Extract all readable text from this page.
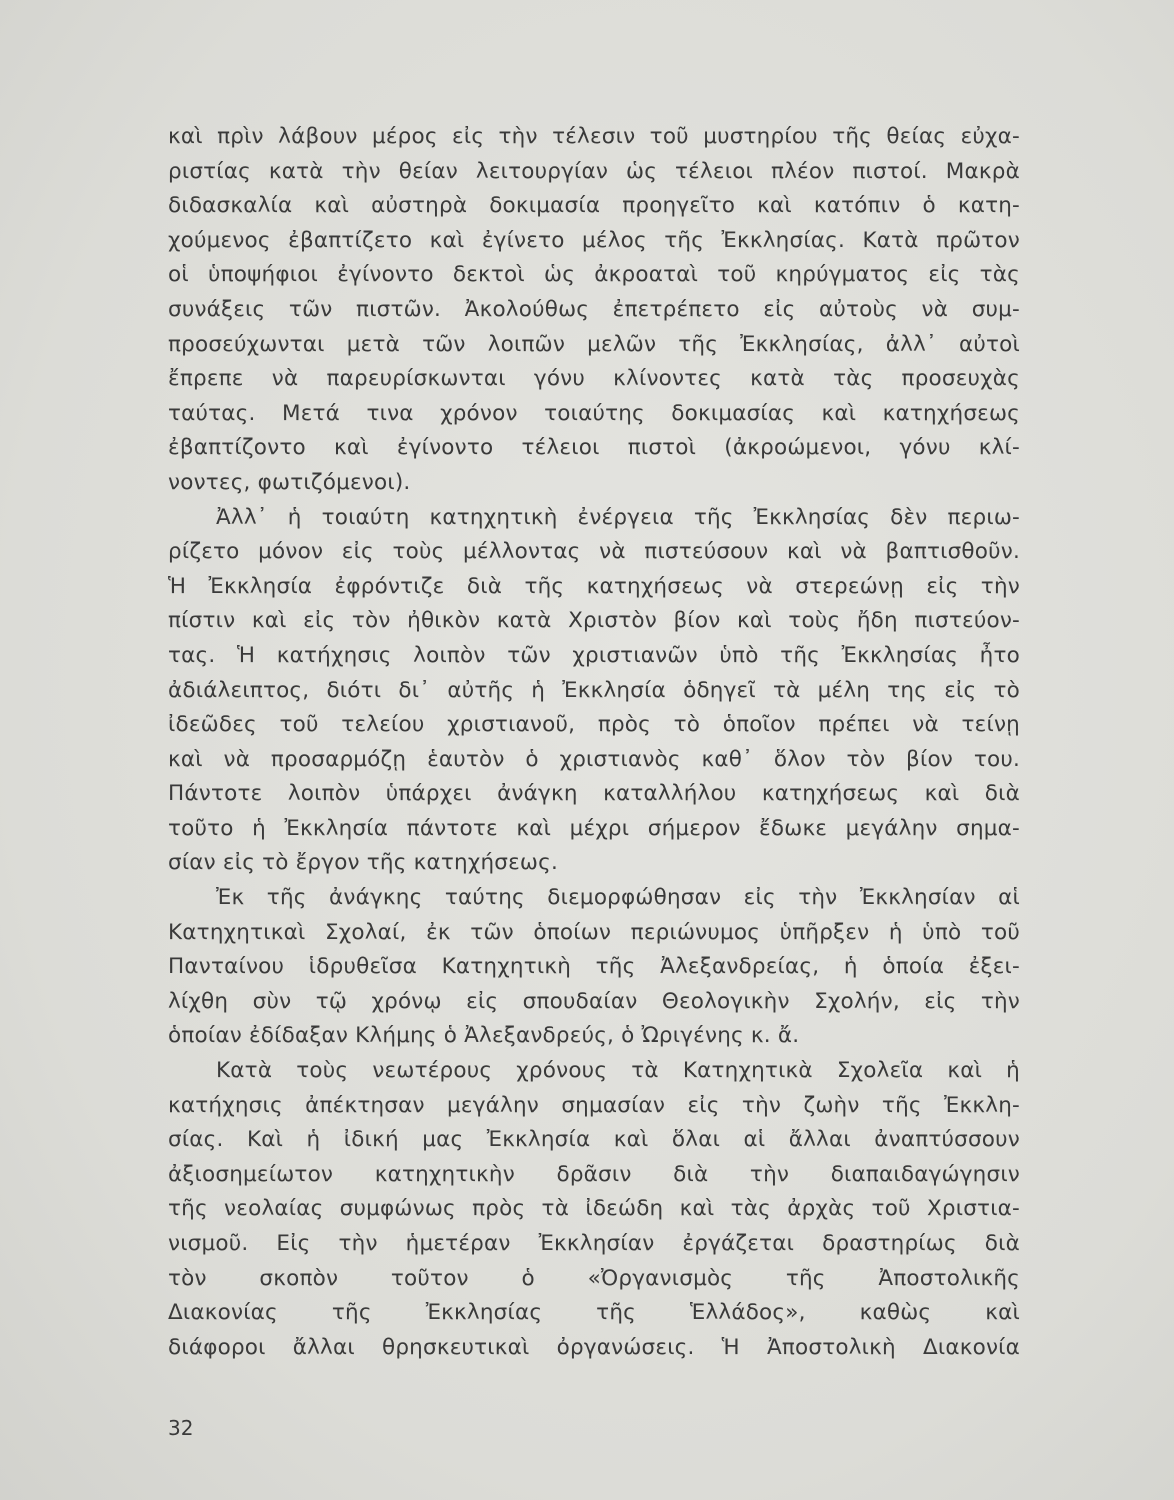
καὶ πρὶν λάβουν μέρος εἰς τὴν τέλεσιν τοῦ μυστηρίου τῆς θείας εὐχα-
ριστίας κατὰ τὴν θείαν λειτουργίαν ὡς τέλειοι πλέον πιστοί. Μακρὰ
διδασκαλία καὶ αὐστηρὰ δοκιμασία προηγεῖτο καὶ κατόπιν ὁ κατη-
χούμενος ἐβαπτίζετο καὶ ἐγίνετο μέλος τῆς Ἐκκλησίας. Κατὰ πρῶτον
οἱ ὑποψήφιοι ἐγίνοντο δεκτοὶ ὡς ἀκροαταὶ τοῦ κηρύγματος εἰς τὰς
συνάξεις τῶν πιστῶν. Ἀκολούθως ἐπετρέπετο εἰς αὐτοὺς νὰ συμ-
προσεύχωνται μετὰ τῶν λοιπῶν μελῶν τῆς Ἐκκλησίας, ἀλλ᾽ αὐτοὶ
ἔπρεπε νὰ παρευρίσκωνται γόνυ κλίνοντες κατὰ τὰς προσευχὰς
ταύτας. Μετά τινα χρόνον τοιαύτης δοκιμασίας καὶ κατηχήσεως
ἐβαπτίζοντο καὶ ἐγίνοντο τέλειοι πιστοὶ (ἀκροώμενοι, γόνυ κλί-
νοντες, φωτιζόμενοι).
Ἀλλ᾽ ἡ τοιαύτη κατηχητικὴ ἐνέργεια τῆς Ἐκκλησίας δὲν περιω-
ρίζετο μόνον εἰς τοὺς μέλλοντας νὰ πιστεύσουν καὶ νὰ βαπτισθοῦν.
Ἡ Ἐκκλησία ἐφρόντιζε διὰ τῆς κατηχήσεως νὰ στερεώνῃ εἰς τὴν
πίστιν καὶ εἰς τὸν ἠθικὸν κατὰ Χριστὸν βίον καὶ τοὺς ἤδη πιστεύον-
τας. Ἡ κατήχησις λοιπὸν τῶν χριστιανῶν ὑπὸ τῆς Ἐκκλησίας ἦτο
ἀδιάλειπτος, διότι δι᾽ αὐτῆς ἡ Ἐκκλησία ὁδηγεῖ τὰ μέλη της εἰς τὸ
ἰδεῶδες τοῦ τελείου χριστιανοῦ, πρὸς τὸ ὁποῖον πρέπει νὰ τείνῃ
καὶ νὰ προσαρμόζῃ ἑαυτὸν ὁ χριστιανὸς καθ᾽ ὅλον τὸν βίον του.
Πάντοτε λοιπὸν ὑπάρχει ἀνάγκη καταλλήλου κατηχήσεως καὶ διὰ
τοῦτο ἡ Ἐκκλησία πάντοτε καὶ μέχρι σήμερον ἔδωκε μεγάλην σημα-
σίαν εἰς τὸ ἔργον τῆς κατηχήσεως.
Ἐκ τῆς ἀνάγκης ταύτης διεμορφώθησαν εἰς τὴν Ἐκκλησίαν αἱ
Κατηχητικαὶ Σχολαί, ἐκ τῶν ὁποίων περιώνυμος ὑπῆρξεν ἡ ὑπὸ τοῦ
Πανταίνου ἱδρυθεῖσα Κατηχητικὴ τῆς Ἀλεξανδρείας, ἡ ὁποία ἐξει-
λίχθη σὺν τῷ χρόνῳ εἰς σπουδαίαν Θεολογικὴν Σχολήν, εἰς τὴν
ὁποίαν ἐδίδαξαν Κλήμης ὁ Ἀλεξανδρεύς, ὁ Ὠριγένης κ. ἄ.
Κατὰ τοὺς νεωτέρους χρόνους τὰ Κατηχητικὰ Σχολεῖα καὶ ἡ
κατήχησις ἀπέκτησαν μεγάλην σημασίαν εἰς τὴν ζωὴν τῆς Ἐκκλη-
σίας. Καὶ ἡ ἰδική μας Ἐκκλησία καὶ ὅλαι αἱ ἄλλαι ἀναπτύσσουν
ἀξιοσημείωτον κατηχητικὴν δρᾶσιν διὰ τὴν διαπαιδαγώγησιν
τῆς νεολαίας συμφώνως πρὸς τὰ ἰδεώδη καὶ τὰς ἀρχὰς τοῦ Χριστια-
νισμοῦ. Εἰς τὴν ἡμετέραν Ἐκκλησίαν ἐργάζεται δραστηρίως διὰ
τὸν σκοπὸν τοῦτον ὁ «Ὀργανισμὸς τῆς Ἀποστολικῆς
Διακονίας τῆς Ἐκκλησίας τῆς Ἑλλάδος», καθὼς καὶ
διάφοροι ἄλλαι θρησκευτικαὶ ὀργανώσεις. Ἡ Ἀποστολικὴ Διακονία
32
